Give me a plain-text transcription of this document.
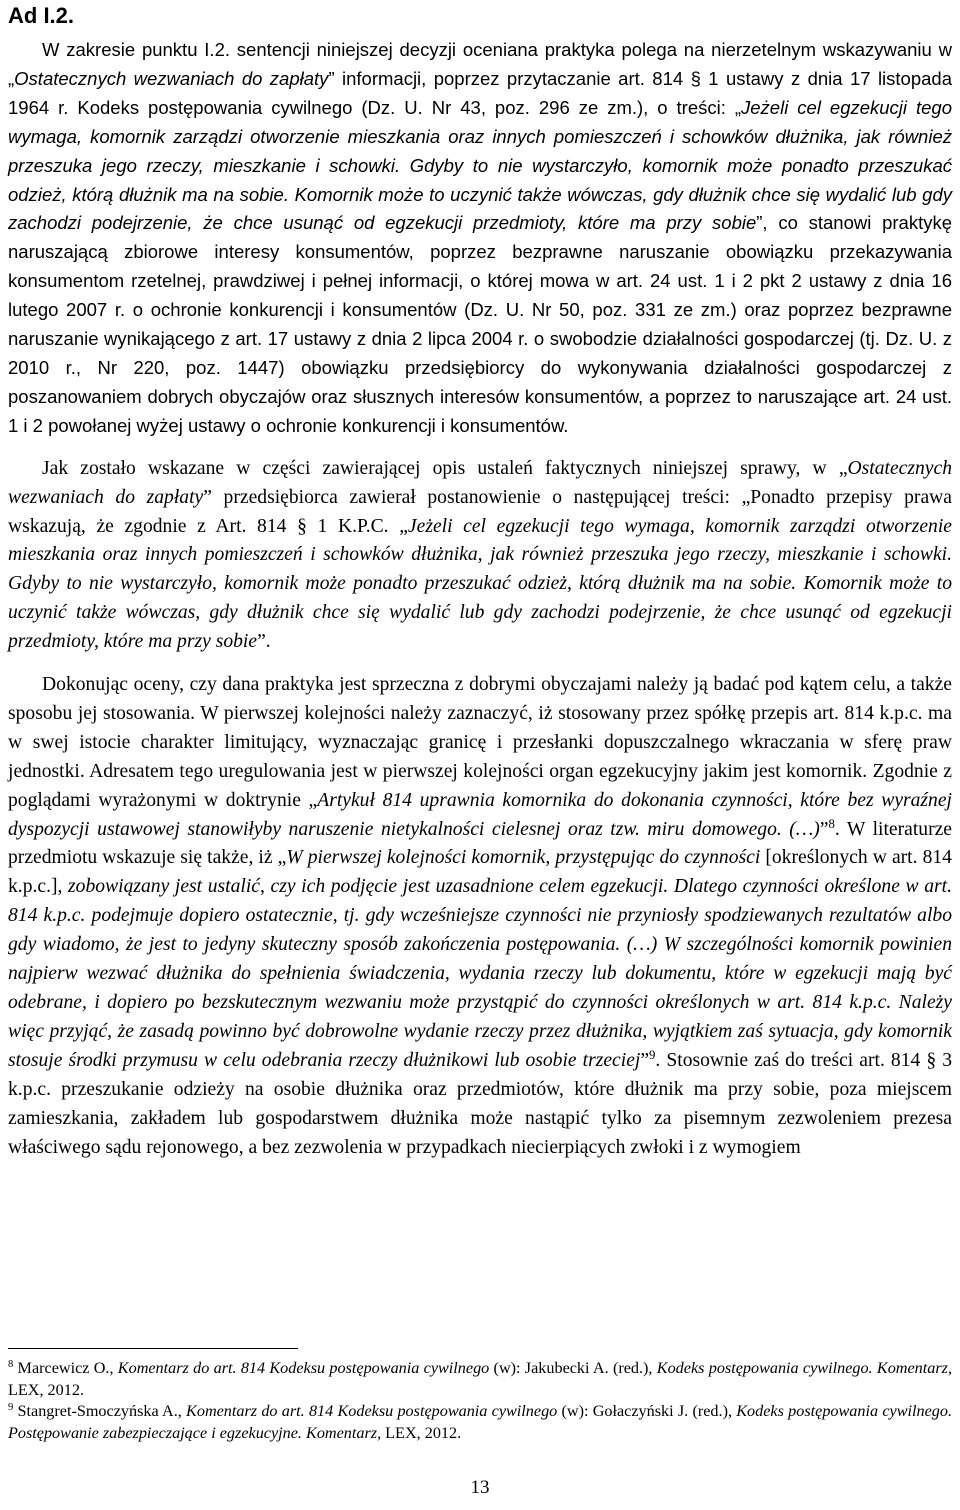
Ad I.2.

W zakresie punktu I.2. sentencji niniejszej decyzji oceniana praktyka polega na nierzetelnym wskazywaniu w „Ostatecznych wezwaniach do zapłaty” informacji, poprzez przytaczanie art. 814 § 1 ustawy z dnia 17 listopada 1964 r. Kodeks postępowania cywilnego (Dz. U. Nr 43, poz. 296 ze zm.), o treści: „Jeżeli cel egzekucji tego wymaga, komornik zarządzi otworzenie mieszkania oraz innych pomieszczeń i schowków dłużnika, jak również przeszuka jego rzeczy, mieszkanie i schowki. Gdyby to nie wystarczyło, komornik może ponadto przeszukać odzież, którą dłużnik ma na sobie. Komornik może to uczynić także wówczas, gdy dłużnik chce się wydalić lub gdy zachodzi podejrzenie, że chce usunąć od egzekucji przedmioty, które ma przy sobie”, co stanowi praktykę naruszającą zbiorowe interesy konsumentów, poprzez bezprawne naruszanie obowiązku przekazywania konsumentom rzetelnej, prawdziwej i pełnej informacji, o której mowa w art. 24 ust. 1 i 2 pkt 2 ustawy z dnia 16 lutego 2007 r. o ochronie konkurencji i konsumentów (Dz. U. Nr 50, poz. 331 ze zm.) oraz poprzez bezprawne naruszanie wynikającego z art. 17 ustawy z dnia 2 lipca 2004 r. o swobodzie działalności gospodarczej (tj. Dz. U. z 2010 r., Nr 220, poz. 1447) obowiązku przedsiębiorcy do wykonywania działalności gospodarczej z poszanowaniem dobrych obyczajów oraz słusznych interesów konsumentów, a poprzez to naruszające art. 24 ust. 1 i 2 powołanej wyżej ustawy o ochronie konkurencji i konsumentów.

Jak zostało wskazane w części zawierającej opis ustaleń faktycznych niniejszej sprawy, w „Ostatecznych wezwaniach do zapłaty” przedsiębiorca zawierał postanowienie o następującej treści: „Ponadto przepisy prawa wskazują, że zgodnie z Art. 814 § 1 K.P.C. „Jeżeli cel egzekucji tego wymaga, komornik zarządzi otworzenie mieszkania oraz innych pomieszczeń i schowków dłużnika, jak również przeszuka jego rzeczy, mieszkanie i schowki. Gdyby to nie wystarczyło, komornik może ponadto przeszukać odzież, którą dłużnik ma na sobie. Komornik może to uczynić także wówczas, gdy dłużnik chce się wydalić lub gdy zachodzi podejrzenie, że chce usunąć od egzekucji przedmioty, które ma przy sobie”.

Dokonując oceny, czy dana praktyka jest sprzeczna z dobrymi obyczajami należy ją badać pod kątem celu, a także sposobu jej stosowania. W pierwszej kolejności należy zaznaczyć, iż stosowany przez spółkę przepis art. 814 k.p.c. ma w swej istocie charakter limitujący, wyznaczając granicę i przesłanki dopuszczalnego wkraczania w sferę praw jednostki. Adresatem tego uregulowania jest w pierwszej kolejności organ egzekucyjny jakim jest komornik. Zgodnie z poglądami wyrażonymi w doktrynie „Artykuł 814 uprawnia komornika do dokonania czynności, które bez wyraźnej dyspozycji ustawowej stanowiłyby naruszenie nietykalności cielesnej oraz tzw. miru domowego. (…)”$^8$. W literaturze przedmiotu wskazuje się także, iż „W pierwszej kolejności komornik, przystępując do czynności [określonych w art. 814 k.p.c.], zobowiązany jest ustalić, czy ich podjęcie jest uzasadnione celem egzekucji. Dlatego czynności określone w art. 814 k.p.c. podejmuje dopiero ostatecznie, tj. gdy wcześniejsze czynności nie przyniosły spodziewanych rezultatów albo gdy wiadomo, że jest to jedyny skuteczny sposób zakończenia postępowania. (…) W szczególności komornik powinien najpierw wezwać dłużnika do spełnienia świadczenia, wydania rzeczy lub dokumentu, które w egzekucji mają być odebrane, i dopiero po bezskutecznym wezwaniu może przystąpić do czynności określonych w art. 814 k.p.c. Należy więc przyjąć, że zasadą powinno być dobrowolne wydanie rzeczy przez dłużnika, wyjątkiem zaś sytuacja, gdy komornik stosuje środki przymusu w celu odebrania rzeczy dłużnikowi lub osobie trzeciej”$^9$. Stosownie zaś do treści art. 814 § 3 k.p.c. przeszukanie odzieży na osobie dłużnika oraz przedmiotów, które dłużnik ma przy sobie, poza miejscem zamieszkania, zakładem lub gospodarstwem dłużnika może nastąpić tylko za pisemnym zezwoleniem prezesa właściwego sądu rejonowego, a bez zezwolenia w przypadkach niecierpiących zwłoki i z wymogiem

$^8$ Marcewicz O., Komentarz do art. 814 Kodeksu postępowania cywilnego (w): Jakubecki A. (red.), Kodeks postępowania cywilnego. Komentarz, LEX, 2012.
$^9$ Stangret-Smoczyńska A., Komentarz do art. 814 Kodeksu postępowania cywilnego (w): Gołaczyński J. (red.), Kodeks postępowania cywilnego. Postępowanie zabezpieczające i egzekucyjne. Komentarz, LEX, 2012.
13
